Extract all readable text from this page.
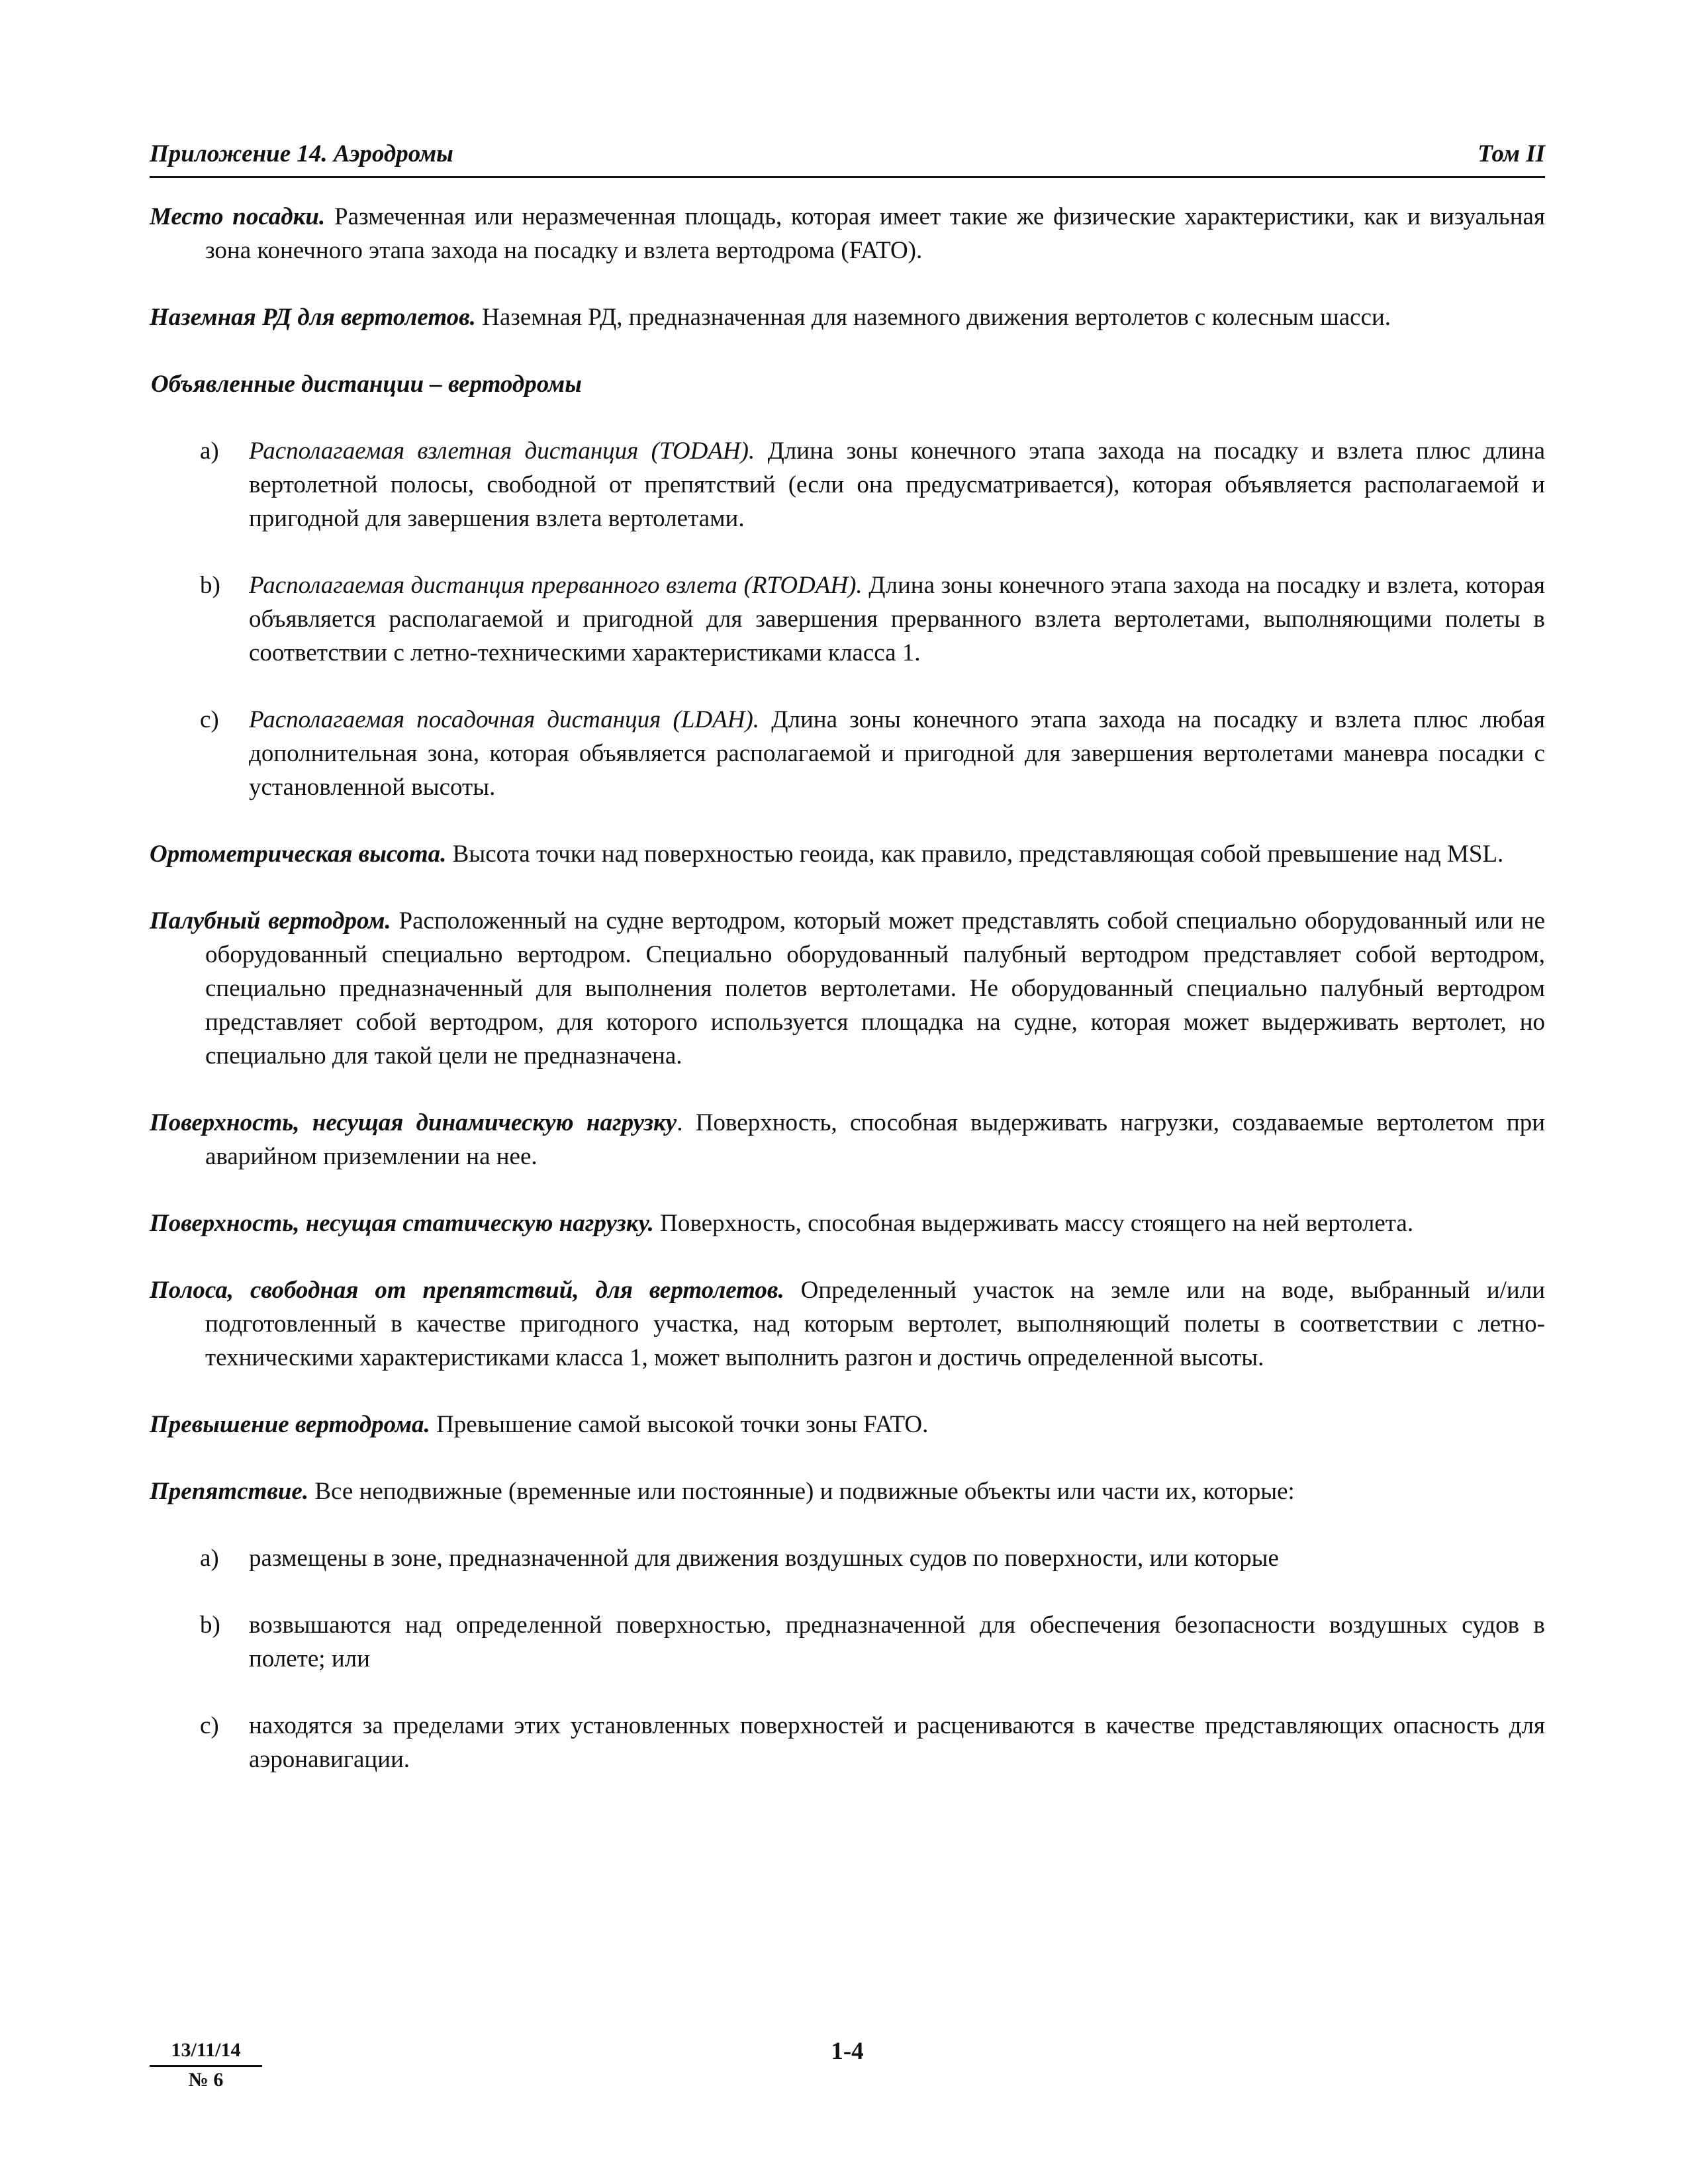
Приложение 14. Аэродромы	Том II

Место посадки. Размеченная или неразмеченная площадь, которая имеет такие же физические характеристики, как и визуальная зона конечного этапа захода на посадку и взлета вертодрома (FATO).

Наземная РД для вертолетов. Наземная РД, предназначенная для наземного движения вертолетов с колесным шасси.

Объявленные дистанции – вертодромы

a) Располагаемая взлетная дистанция (TODAH). Длина зоны конечного этапа захода на посадку и взлета плюс длина вертолетной полосы, свободной от препятствий (если она предусматривается), которая объявляется располагаемой и пригодной для завершения взлета вертолетами.
b) Располагаемая дистанция прерванного взлета (RTODAH). Длина зоны конечного этапа захода на посадку и взлета, которая объявляется располагаемой и пригодной для завершения прерванного взлета вертолетами, выполняющими полеты в соответствии с летно-техническими характеристиками класса 1.
c) Располагаемая посадочная дистанция (LDAH). Длина зоны конечного этапа захода на посадку и взлета плюс любая дополнительная зона, которая объявляется располагаемой и пригодной для завершения вертолетами маневра посадки с установленной высоты.

Ортометрическая высота. Высота точки над поверхностью геоида, как правило, представляющая собой превышение над MSL.

Палубный вертодром. Расположенный на судне вертодром, который может представлять собой специально оборудованный или не оборудованный специально вертодром. Специально оборудованный палубный вертодром представляет собой вертодром, специально предназначенный для выполнения полетов вертолетами. Не оборудованный специально палубный вертодром представляет собой вертодром, для которого используется площадка на судне, которая может выдерживать вертолет, но специально для такой цели не предназначена.

Поверхность, несущая динамическую нагрузку. Поверхность, способная выдерживать нагрузки, создаваемые вертолетом при аварийном приземлении на нее.

Поверхность, несущая статическую нагрузку. Поверхность, способная выдерживать массу стоящего на ней вертолета.

Полоса, свободная от препятствий, для вертолетов. Определенный участок на земле или на воде, выбранный и/или подготовленный в качестве пригодного участка, над которым вертолет, выполняющий полеты в соответствии с летно-техническими характеристиками класса 1, может выполнить разгон и достичь определенной высоты.

Превышение вертодрома. Превышение самой высокой точки зоны FATO.

Препятствие. Все неподвижные (временные или постоянные) и подвижные объекты или части их, которые:

a) размещены в зоне, предназначенной для движения воздушных судов по поверхности, или которые
b) возвышаются над определенной поверхностью, предназначенной для обеспечения безопасности воздушных судов в полете; или
c) находятся за пределами этих установленных поверхностей и расцениваются в качестве представляющих опасность для аэронавигации.
13/11/14
№ 6
1-4
